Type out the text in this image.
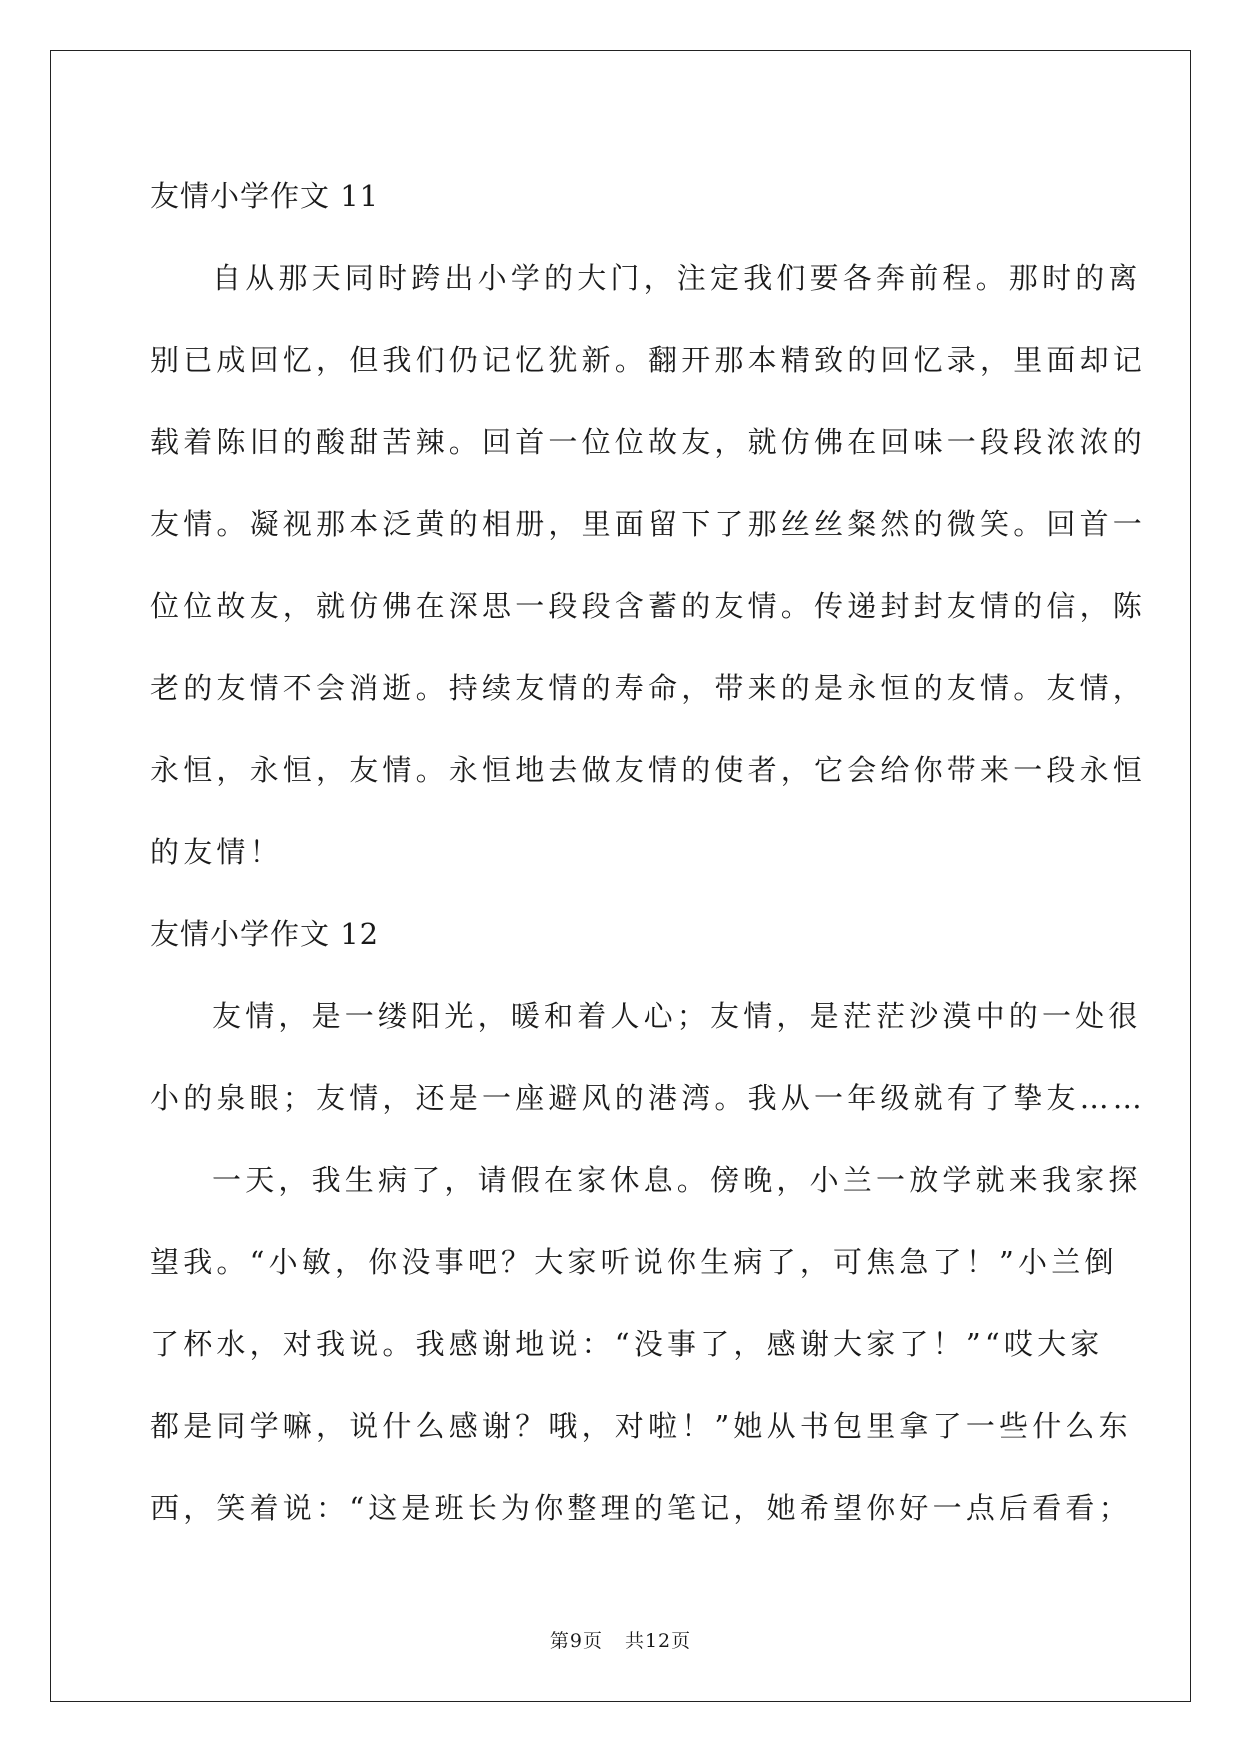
友情小学作文 11
自从那天同时跨出小学的大门，注定我们要各奔前程。那时的离
别已成回忆，但我们仍记忆犹新。翻开那本精致的回忆录，里面却记
载着陈旧的酸甜苦辣。回首一位位故友，就仿佛在回味一段段浓浓的
友情。凝视那本泛黄的相册，里面留下了那丝丝粲然的微笑。回首一
位位故友，就仿佛在深思一段段含蓄的友情。传递封封友情的信，陈
老的友情不会消逝。持续友情的寿命，带来的是永恒的友情。友情，
永恒，永恒，友情。永恒地去做友情的使者，它会给你带来一段永恒
的友情！
友情小学作文 12
友情，是一缕阳光，暖和着人心；友情，是茫茫沙漠中的一处很
小的泉眼；友情，还是一座避风的港湾。我从一年级就有了挚友……
一天，我生病了，请假在家休息。傍晚，小兰一放学就来我家探
望我。“小敏，你没事吧？大家听说你生病了，可焦急了！”小兰倒
了杯水，对我说。我感谢地说：“没事了，感谢大家了！”“哎大家
都是同学嘛，说什么感谢？哦，对啦！”她从书包里拿了一些什么东
西，笑着说：“这是班长为你整理的笔记，她希望你好一点后看看；
第9页 共12页
